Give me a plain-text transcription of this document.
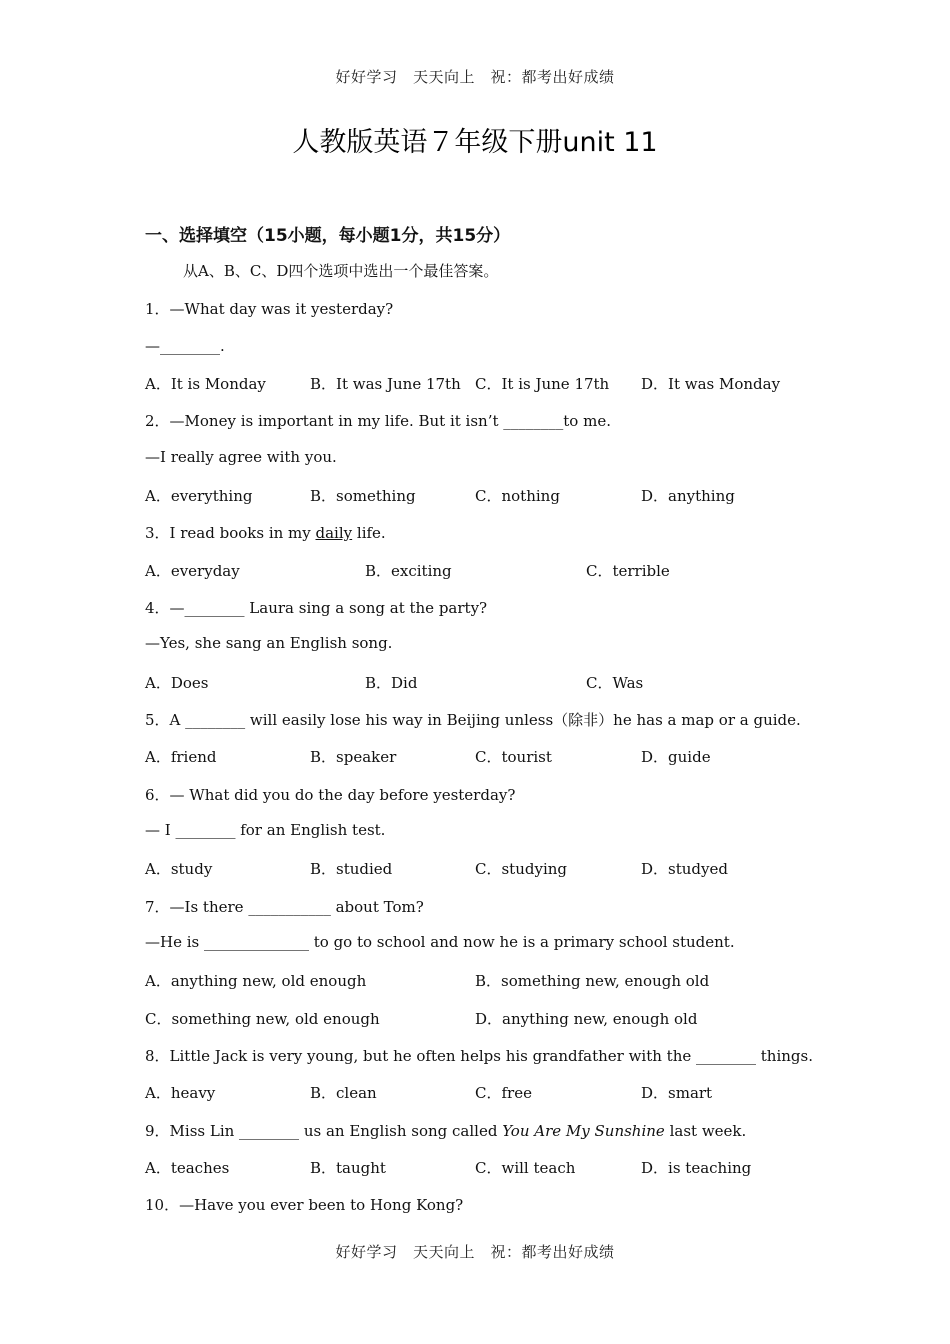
好好学习　天天向上　祝：都考出好成绩
人教版英语７年级下册unit 11
一、选择填空（15小题，每小题1分，共15分）
从A、B、C、D四个选项中选出一个最佳答案。
1．—What day was it yesterday?
—________.
A．It is Monday	B．It was June 17th C．It is June 17th D．It was Monday
2．—Money is important in my life. But it isn’t ________to me.
—I really agree with you.
A．everything	B．something	C．nothing	D．anything
3．I read books in my daily life.
A．everyday	B．exciting	C．terrible
4．—________ Laura sing a song at the party?
—Yes, she sang an English song.
A．Does	B．Did	C．Was
5．A ________ will easily lose his way in Beijing unless（除非）he has a map or a guide.
A．friend	B．speaker	C．tourist	D．guide
6．— What did you do the day before yesterday?
— I ________ for an English test.
A．study	B．studied	C．studying	D．studyed
7．—Is there ___________ about Tom?
—He is ______________ to go to school and now he is a primary school student.
A．anything new, old enough	B．something new, enough old
C．something new, old enough	D．anything new, enough old
8．Little Jack is very young, but he often helps his grandfather with the ________ things.
A．heavy	B．clean	C．free	D．smart
9．Miss Lin ________ us an English song called You Are My Sunshine last week.
A．teaches	B．taught	C．will teach	D．is teaching
10．—Have you ever been to Hong Kong?
好好学习　天天向上　祝：都考出好成绩
